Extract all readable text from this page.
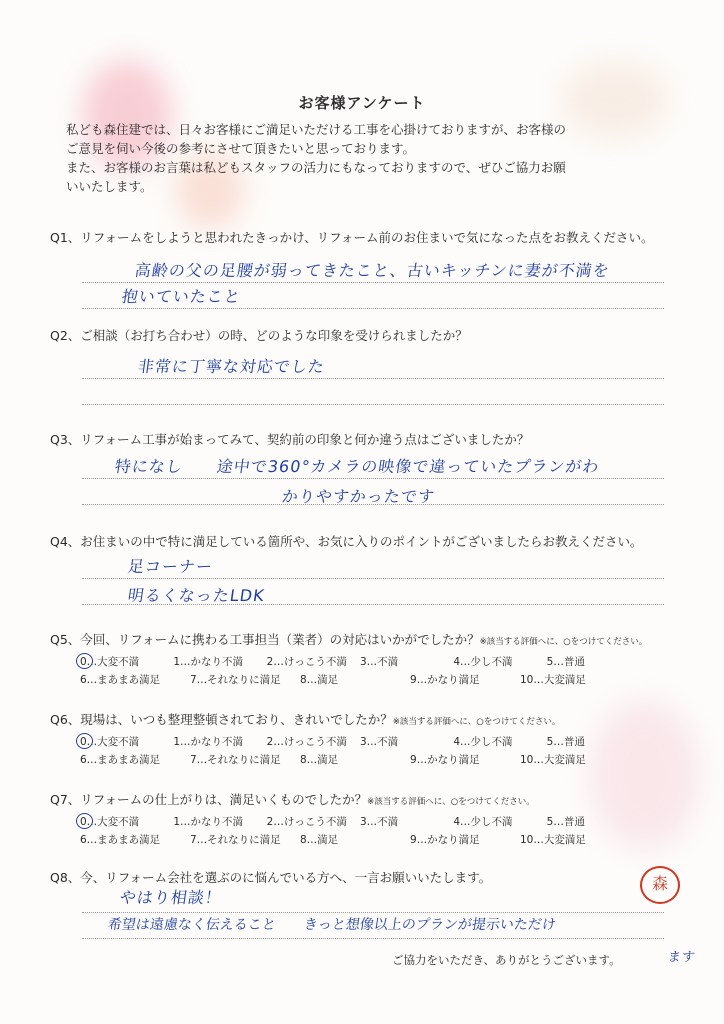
お客様アンケート

私ども森住建では、日々お客様にご満足いただける工事を心掛けておりますが、お客様の

ご意見を伺い今後の参考にさせて頂きたいと思っております。

また、お客様のお言葉は私どもスタッフの活力にもなっておりますので、ぜひご協力お願

いいたします。

Q1、リフォームをしようと思われたきっかけ、リフォーム前のお住まいで気になった点をお教えください。
高齢の父の足腰が弱ってきたこと、古いキッチンに妻が不満を
抱いていたこと
Q2、ご相談（お打ち合わせ）の時、どのような印象を受けられましたか？
非常に丁寧な対応でした
Q3、リフォーム工事が始まってみて、契約前の印象と何か違う点はございましたか？
特になし　　途中で360°カメラの映像で違っていたプランがわ
かりやすかったです
Q4、お住まいの中で特に満足している箇所や、お気に入りのポイントがございましたらお教えください。
足コーナー
明るくなったLDK
Q5、今回、リフォームに携わる工事担当（業者）の対応はいかがでしたか？※該当する評価へに、○をつけてください。
0…大変不満	1…かなり不満	2…けっこう不満	3…不満	4…少し不満	5…普通
6…まあまあ満足	7…それなりに満足	8…満足	9…かなり満足	10…大変満足
Q6、現場は、いつも整理整頓されており、きれいでしたか？※該当する評価へに、○をつけてください。
0…大変不満	1…かなり不満	2…けっこう不満	3…不満	4…少し不満	5…普通
6…まあまあ満足	7…それなりに満足	8…満足	9…かなり満足	10…大変満足
Q7、リフォームの仕上がりは、満足いくものでしたか？※該当する評価へに、○をつけてください。
0…大変不満	1…かなり不満	2…けっこう不満	3…不満	4…少し不満	5…普通
6…まあまあ満足	7…それなりに満足	8…満足	9…かなり満足	10…大変満足
Q8、今、リフォーム会社を選ぶのに悩んでいる方へ、一言お願いいたします。
やはり相談！
希望は遠慮なく伝えること　　きっと想像以上のプランが提示いただけ
ます
森
ご協力をいただき、ありがとうございます。
